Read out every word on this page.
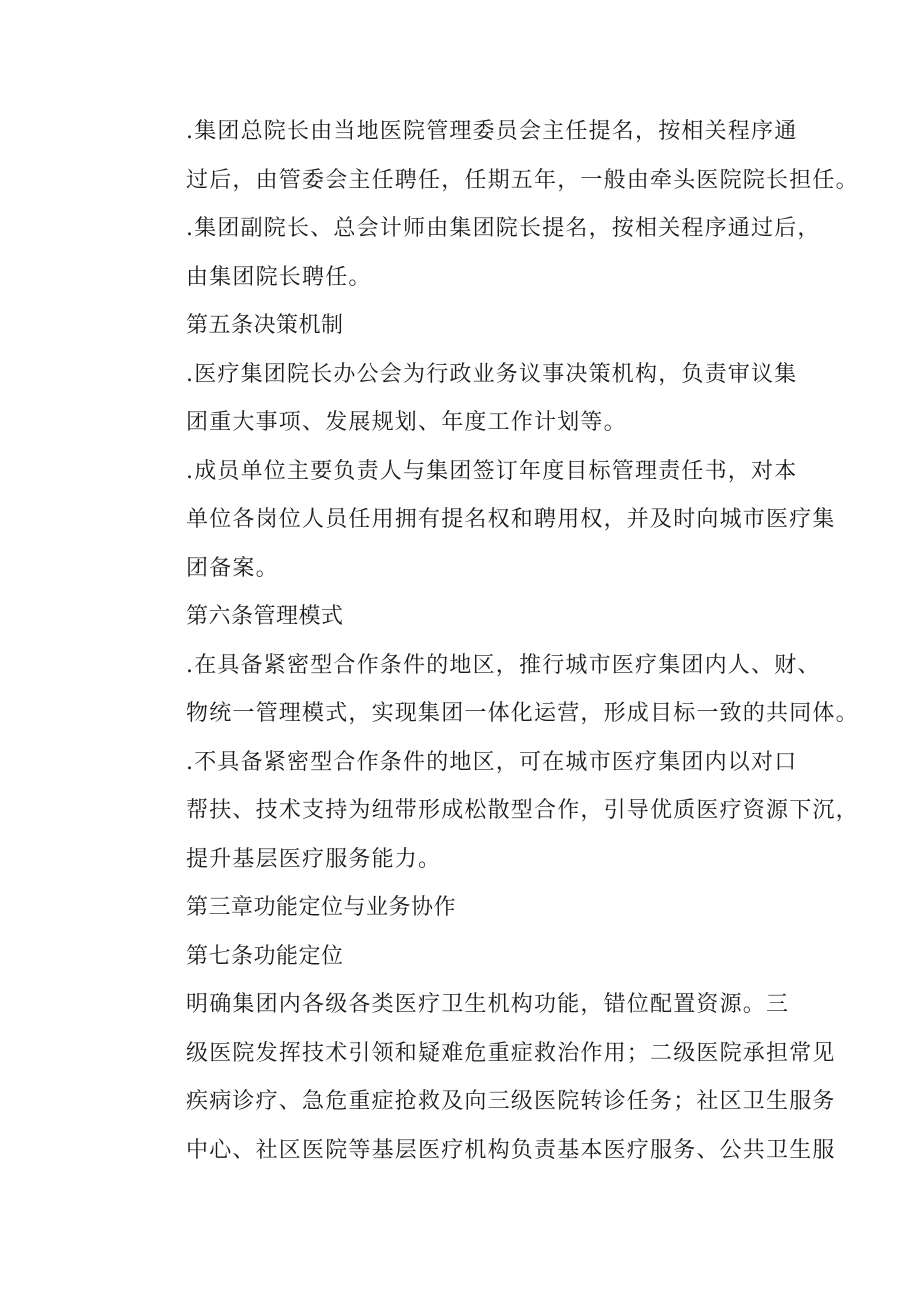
.集团总院长由当地医院管理委员会主任提名，按相关程序通
过后，由管委会主任聘任，任期五年，一般由牵头医院院长担任。

.集团副院长、总会计师由集团院长提名，按相关程序通过后，
由集团院长聘任。

第五条决策机制

.医疗集团院长办公会为行政业务议事决策机构，负责审议集
团重大事项、发展规划、年度工作计划等。

.成员单位主要负责人与集团签订年度目标管理责任书，对本
单位各岗位人员任用拥有提名权和聘用权，并及时向城市医疗集
团备案。

第六条管理模式

.在具备紧密型合作条件的地区，推行城市医疗集团内人、财、
物统一管理模式，实现集团一体化运营，形成目标一致的共同体。

.不具备紧密型合作条件的地区，可在城市医疗集团内以对口
帮扶、技术支持为纽带形成松散型合作，引导优质医疗资源下沉，
提升基层医疗服务能力。

第三章功能定位与业务协作

第七条功能定位

明确集团内各级各类医疗卫生机构功能，错位配置资源。三
级医院发挥技术引领和疑难危重症救治作用；二级医院承担常见
疾病诊疗、急危重症抢救及向三级医院转诊任务；社区卫生服务
中心、社区医院等基层医疗机构负责基本医疗服务、公共卫生服
